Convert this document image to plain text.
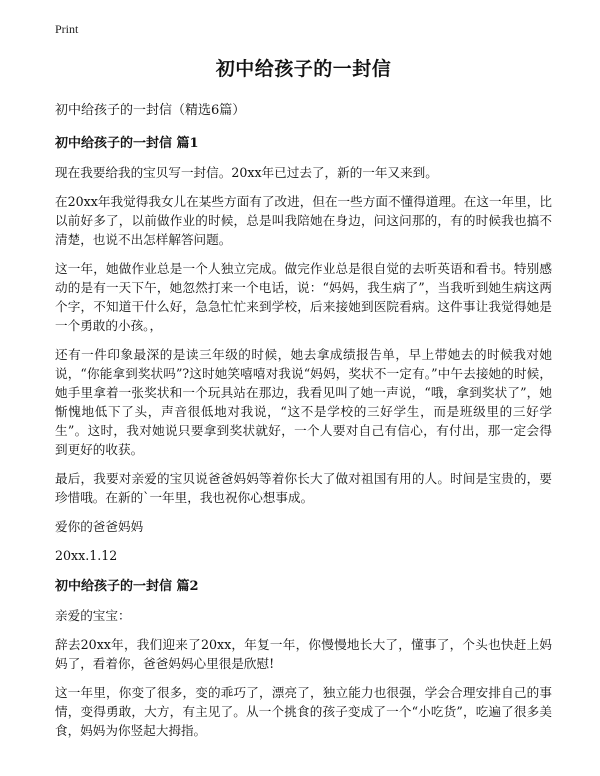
Print
初中给孩子的一封信
初中给孩子的一封信（精选6篇）
初中给孩子的一封信 篇1

现在我要给我的宝贝写一封信。20xx年已过去了，新的一年又来到。

在20xx年我觉得我女儿在某些方面有了改进，但在一些方面不懂得道理。在这一年里，比以前好多了，以前做作业的时候，总是叫我陪她在身边，问这问那的，有的时候我也搞不清楚，也说不出怎样解答问题。

这一年，她做作业总是一个人独立完成。做完作业总是很自觉的去听英语和看书。特别感动的是有一天下午，她忽然打来一个电话，说：“妈妈，我生病了”，当我听到她生病这两个字，不知道干什么好，急急忙忙来到学校，后来接她到医院看病。这件事让我觉得她是一个勇敢的小孩。，

还有一件印象最深的是读三年级的时候，她去拿成绩报告单，早上带她去的时候我对她说，“你能拿到奖状吗”?这时她笑嘻嘻对我说“妈妈，奖状不一定有。”中午去接她的时候，她手里拿着一张奖状和一个玩具站在那边，我看见叫了她一声说，“哦，拿到奖状了”，她惭愧地低下了头，声音很低地对我说，“这不是学校的三好学生，而是班级里的三好学生”。这时，我对她说只要拿到奖状就好，一个人要对自己有信心，有付出，那一定会得到更好的收获。

最后，我要对亲爱的宝贝说爸爸妈妈等着你长大了做对祖国有用的人。时间是宝贵的，要珍惜哦。在新的`一年里，我也祝你心想事成。

爱你的爸爸妈妈

20xx.1.12

初中给孩子的一封信 篇2

亲爱的宝宝：

辞去20xx年，我们迎来了20xx，年复一年，你慢慢地长大了，懂事了，个头也快赶上妈妈了，看着你，爸爸妈妈心里很是欣慰!

这一年里，你变了很多，变的乖巧了，漂亮了，独立能力也很强，学会合理安排自己的事情，变得勇敢，大方，有主见了。从一个挑食的孩子变成了一个“小吃货”，吃遍了很多美食，妈妈为你竖起大拇指。
